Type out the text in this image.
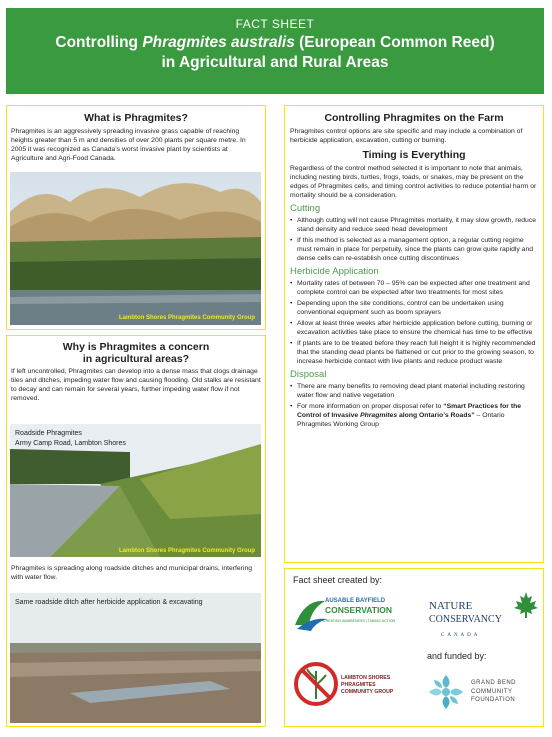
FACT SHEET
Controlling Phragmites australis (European Common Reed)
in Agricultural and Rural Areas
What is Phragmites?

Phragmites is an aggressively spreading invasive grass capable of reaching heights greater than 5 m and densities of over 200 plants per square metre. In 2005 it was recognized as Canada’s worst invasive plant by scientists at Agriculture and Agri-Food Canada.

Lambton Shores Phragmites Community Group
Why is Phragmites a concern
in agricultural areas?

If left uncontrolled, Phragmites can develop into a dense mass that clogs drainage tiles and ditches, impeding water flow and causing flooding. Old stalks are resistant to decay and can remain for several years, further impeding water flow if not removed.

Roadside Phragmites
Army Camp Road, Lambton Shores
Lambton Shores Phragmites Community Group

Phragmites is spreading along roadside ditches and municipal drains, interfering with water flow.

Same roadside ditch after herbicide application & excavating
Controlling Phragmites on the Farm

Phragmites control options are site specific and may include a combination of herbicide application, excavation, cutting or burning.

Timing is Everything

Regardless of the control method selected it is important to note that animals, including nesting birds, turtles, frogs, toads, or snakes, may be present on the edges of Phragmites cells, and timing control activities to reduce potential harm or mortality should be a consideration.

Cutting
• Although cutting will not cause Phragmites mortality, it may slow growth, reduce stand density and reduce seed head development
• If this method is selected as a management option, a regular cutting regime must remain in place for perpetuity, since the plants can grow quite rapidly and dense cells can re-establish once cutting discontinues
Herbicide Application
• Mortality rates of between 70 – 95% can be expected after one treatment and complete control can be expected after two treatments for most sites
• Depending upon the site conditions, control can be undertaken using conventional equipment such as boom sprayers
• Allow at least three weeks after herbicide application before cutting, burning or excavation activities take place to ensure the chemical has time to be effective
• If plants are to be treated before they reach full height it is highly recommended that the standing dead plants be flattened or cut prior to the growing season, to increase herbicide contact with live plants and reduce product waste
Disposal
• There are many benefits to removing dead plant material including restoring water flow and native vegetation
• For more information on proper disposal refer to “Smart Practices for the Control of Invasive Phragmites along Ontario’s Roads” – Ontario Phragmites Working Group
Fact sheet created by:
AUSABLE BAYFIELD
CONSERVATION
CREATING AWARENESS | TAKING ACTION
NATURE
CONSERVANCY
CANADA
LAMBTON SHORES
PHRAGMITES
COMMUNITY GROUP
and funded by:
GRAND BEND
COMMUNITY
FOUNDATION
